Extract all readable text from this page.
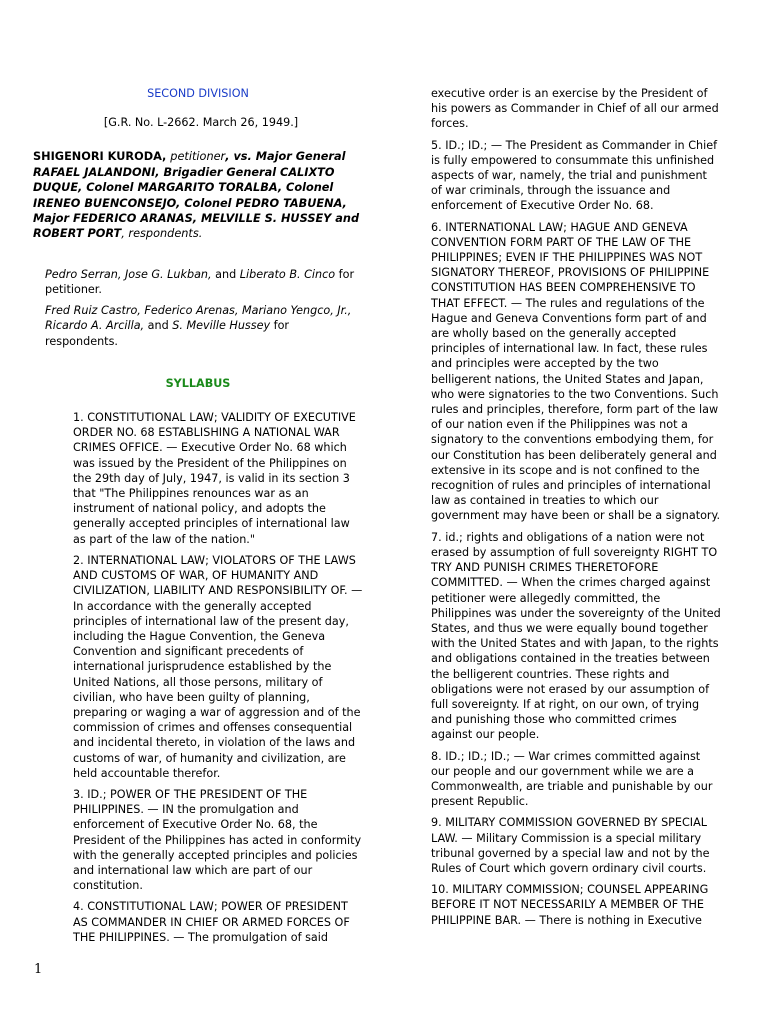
SECOND DIVISION
[G.R. No. L-2662. March 26, 1949.]
SHIGENORI KURODA, petitioner, vs. Major General RAFAEL JALANDONI, Brigadier General CALIXTO DUQUE, Colonel MARGARITO TORALBA, Colonel IRENEO BUENCONSEJO, Colonel PEDRO TABUENA, Major FEDERICO ARANAS, MELVILLE S. HUSSEY and ROBERT PORT, respondents.
Pedro Serran, Jose G. Lukban, and Liberato B. Cinco for petitioner.
Fred Ruiz Castro, Federico Arenas, Mariano Yengco, Jr., Ricardo A. Arcilla, and S. Meville Hussey for respondents.
SYLLABUS
1. CONSTITUTIONAL LAW; VALIDITY OF EXECUTIVE ORDER NO. 68 ESTABLISHING A NATIONAL WAR CRIMES OFFICE. — Executive Order No. 68 which was issued by the President of the Philippines on the 29th day of July, 1947, is valid in its section 3 that "The Philippines renounces war as an instrument of national policy, and adopts the generally accepted principles of international law as part of the law of the nation."
2. INTERNATIONAL LAW; VIOLATORS OF THE LAWS AND CUSTOMS OF WAR, OF HUMANITY AND CIVILIZATION, LIABILITY AND RESPONSIBILITY OF. — In accordance with the generally accepted principles of international law of the present day, including the Hague Convention, the Geneva Convention and significant precedents of international jurisprudence established by the United Nations, all those persons, military of civilian, who have been guilty of planning, preparing or waging a war of aggression and of the commission of crimes and offenses consequential and incidental thereto, in violation of the laws and customs of war, of humanity and civilization, are held accountable therefor.
3. ID.; POWER OF THE PRESIDENT OF THE PHILIPPINES. — IN the promulgation and enforcement of Executive Order No. 68, the President of the Philippines has acted in conformity with the generally accepted principles and policies and international law which are part of our constitution.
4. CONSTITUTIONAL LAW; POWER OF PRESIDENT AS COMMANDER IN CHIEF OR ARMED FORCES OF THE PHILIPPINES. — The promulgation of said
executive order is an exercise by the President of his powers as Commander in Chief of all our armed forces.
5. ID.; ID.; — The President as Commander in Chief is fully empowered to consummate this unfinished aspects of war, namely, the trial and punishment of war criminals, through the issuance and enforcement of Executive Order No. 68.
6. INTERNATIONAL LAW; HAGUE AND GENEVA CONVENTION FORM PART OF THE LAW OF THE PHILIPPINES; EVEN IF THE PHILIPPINES WAS NOT SIGNATORY THEREOF, PROVISIONS OF PHILIPPINE CONSTITUTION HAS BEEN COMPREHENSIVE TO THAT EFFECT. — The rules and regulations of the Hague and Geneva Conventions form part of and are wholly based on the generally accepted principles of international law. In fact, these rules and principles were accepted by the two belligerent nations, the United States and Japan, who were signatories to the two Conventions. Such rules and principles, therefore, form part of the law of our nation even if the Philippines was not a signatory to the conventions embodying them, for our Constitution has been deliberately general and extensive in its scope and is not confined to the recognition of rules and principles of international law as contained in treaties to which our government may have been or shall be a signatory.
7. id.; rights and obligations of a nation were not erased by assumption of full sovereignty RIGHT TO TRY AND PUNISH CRIMES THERETOFORE COMMITTED. — When the crimes charged against petitioner were allegedly committed, the Philippines was under the sovereignty of the United States, and thus we were equally bound together with the United States and with Japan, to the rights and obligations contained in the treaties between the belligerent countries. These rights and obligations were not erased by our assumption of full sovereignty. If at right, on our own, of trying and punishing those who committed crimes against our people.
8. ID.; ID.; ID.; — War crimes committed against our people and our government while we are a Commonwealth, are triable and punishable by our present Republic.
9. MILITARY COMMISSION GOVERNED BY SPECIAL LAW. — Military Commission is a special military tribunal governed by a special law and not by the Rules of Court which govern ordinary civil courts.
10. MILITARY COMMISSION; COUNSEL APPEARING BEFORE IT NOT NECESSARILY A MEMBER OF THE PHILIPPINE BAR. — There is nothing in Executive
1
